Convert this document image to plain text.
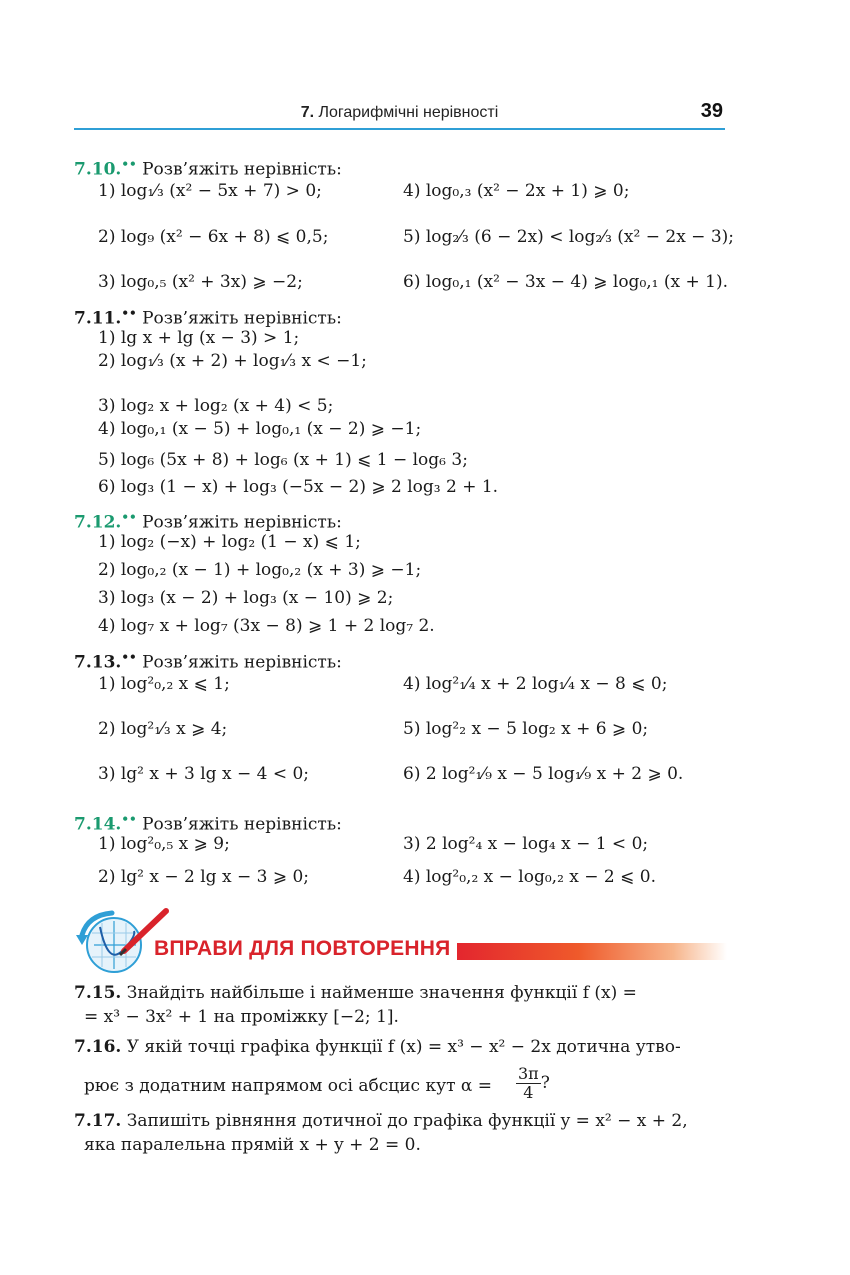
7. Логарифмічні нерівності	39
7.10.•• Розв’яжіть нерівність:
1) log₁⁄₃ (x² − 5x + 7) > 0;	4) log₀,₃ (x² − 2x + 1) ⩾ 0;
2) log₉ (x² − 6x + 8) ⩽ 0,5;	5) log₂⁄₃ (6 − 2x) < log₂⁄₃ (x² − 2x − 3);
3) log₀,₅ (x² + 3x) ⩾ −2;	6) log₀,₁ (x² − 3x − 4) ⩾ log₀,₁ (x + 1).
7.11.•• Розв’яжіть нерівність:
1) lg x + lg (x − 3) > 1;
2) log₁⁄₃ (x + 2) + log₁⁄₃ x < −1;
3) log₂ x + log₂ (x + 4) < 5;
4) log₀,₁ (x − 5) + log₀,₁ (x − 2) ⩾ −1;
5) log₆ (5x + 8) + log₆ (x + 1) ⩽ 1 − log₆ 3;
6) log₃ (1 − x) + log₃ (−5x − 2) ⩾ 2 log₃ 2 + 1.
7.12.•• Розв’яжіть нерівність:
1) log₂ (−x) + log₂ (1 − x) ⩽ 1;
2) log₀,₂ (x − 1) + log₀,₂ (x + 3) ⩾ −1;
3) log₃ (x − 2) + log₃ (x − 10) ⩾ 2;
4) log₇ x + log₇ (3x − 8) ⩾ 1 + 2 log₇ 2.
7.13.•• Розв’яжіть нерівність:
1) log²₀,₂ x ⩽ 1;	4) log²₁⁄₄ x + 2 log₁⁄₄ x − 8 ⩽ 0;
2) log²₁⁄₃ x ⩾ 4;	5) log²₂ x − 5 log₂ x + 6 ⩾ 0;
3) lg² x + 3 lg x − 4 < 0;	6) 2 log²₁⁄₉ x − 5 log₁⁄₉ x + 2 ⩾ 0.
7.14.•• Розв’яжіть нерівність:
1) log²₀,₅ x ⩾ 9;	3) 2 log²₄ x − log₄ x − 1 < 0;
2) lg² x − 2 lg x − 3 ⩾ 0;	4) log²₀,₂ x − log₀,₂ x − 2 ⩽ 0.
ВПРАВИ ДЛЯ ПОВТОРЕННЯ
7.15. Знайдіть найбільше і найменше значення функції f (x) =
= x³ − 3x² + 1 на проміжку [−2; 1].
7.16. У якій точці графіка функції f (x) = x³ − x² − 2x дотична утво-
рює з додатним напрямом осі абсцис кут α =
7.17. Запишіть рівняння дотичної до графіка функції y = x² − x + 2,
яка паралельна прямій x + y + 2 = 0.
$\frac{3\pi}{4}$ ?
